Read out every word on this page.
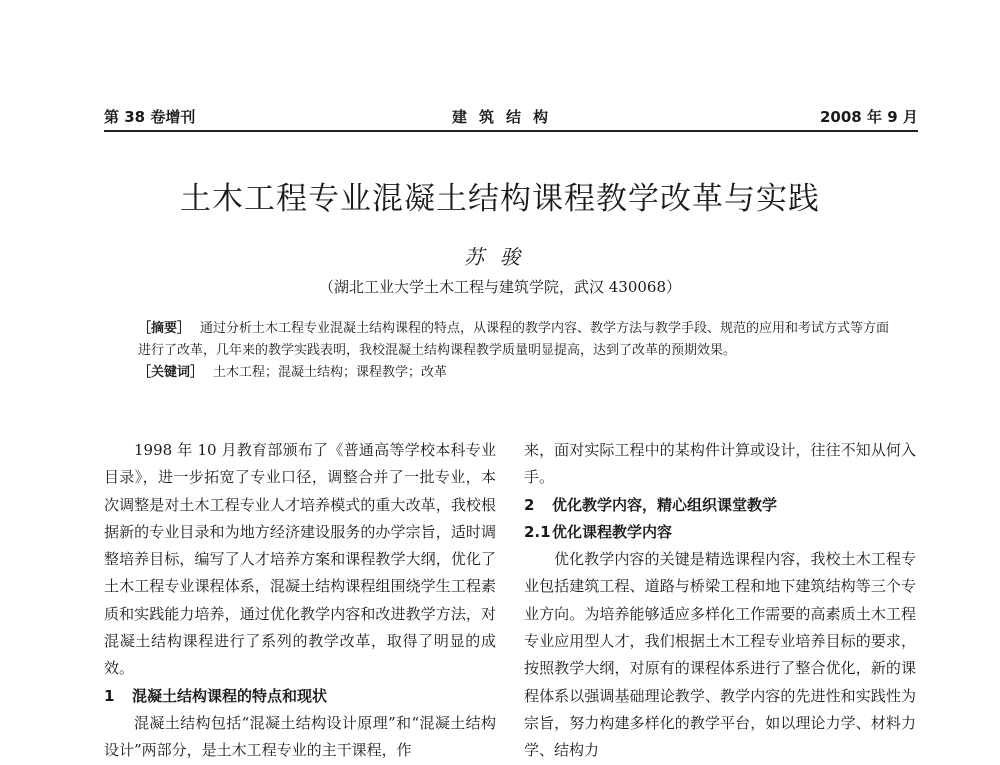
第 38 卷增刊	建筑结构	2008 年 9 月
土木工程专业混凝土结构课程教学改革与实践
苏骏
（湖北工业大学土木工程与建筑学院，武汉 430068）

［摘要］ 通过分析土木工程专业混凝土结构课程的特点，从课程的教学内容、教学方法与教学手段、规范的应用和考试方式等方面进行了改革，几年来的教学实践表明，我校混凝土结构课程教学质量明显提高，达到了改革的预期效果。

［关键词］ 土木工程；混凝土结构；课程教学；改革

1998 年 10 月教育部颁布了《普通高等学校本科专业目录》，进一步拓宽了专业口径，调整合并了一批专业，本次调整是对土木工程专业人才培养模式的重大改革，我校根据新的专业目录和为地方经济建设服务的办学宗旨，适时调整培养目标，编写了人才培养方案和课程教学大纲，优化了土木工程专业课程体系，混凝土结构课程组围绕学生工程素质和实践能力培养，通过优化教学内容和改进教学方法，对混凝土结构课程进行了系列的教学改革，取得了明显的成效。

1 混凝土结构课程的特点和现状

混凝土结构包括“混凝土结构设计原理”和“混凝土结构设计”两部分，是土木工程专业的主干课程，作

来，面对实际工程中的某构件计算或设计，往往不知从何入手。

2 优化教学内容，精心组织课堂教学
2.1优化课程教学内容

优化教学内容的关键是精选课程内容，我校土木工程专业包括建筑工程、道路与桥梁工程和地下建筑结构等三个专业方向。为培养能够适应多样化工作需要的高素质土木工程专业应用型人才，我们根据土木工程专业培养目标的要求，按照教学大纲，对原有的课程体系进行了整合优化，新的课程体系以强调基础理论教学、教学内容的先进性和实践性为宗旨，努力构建多样化的教学平台，如以理论力学、材料力学、结构力
